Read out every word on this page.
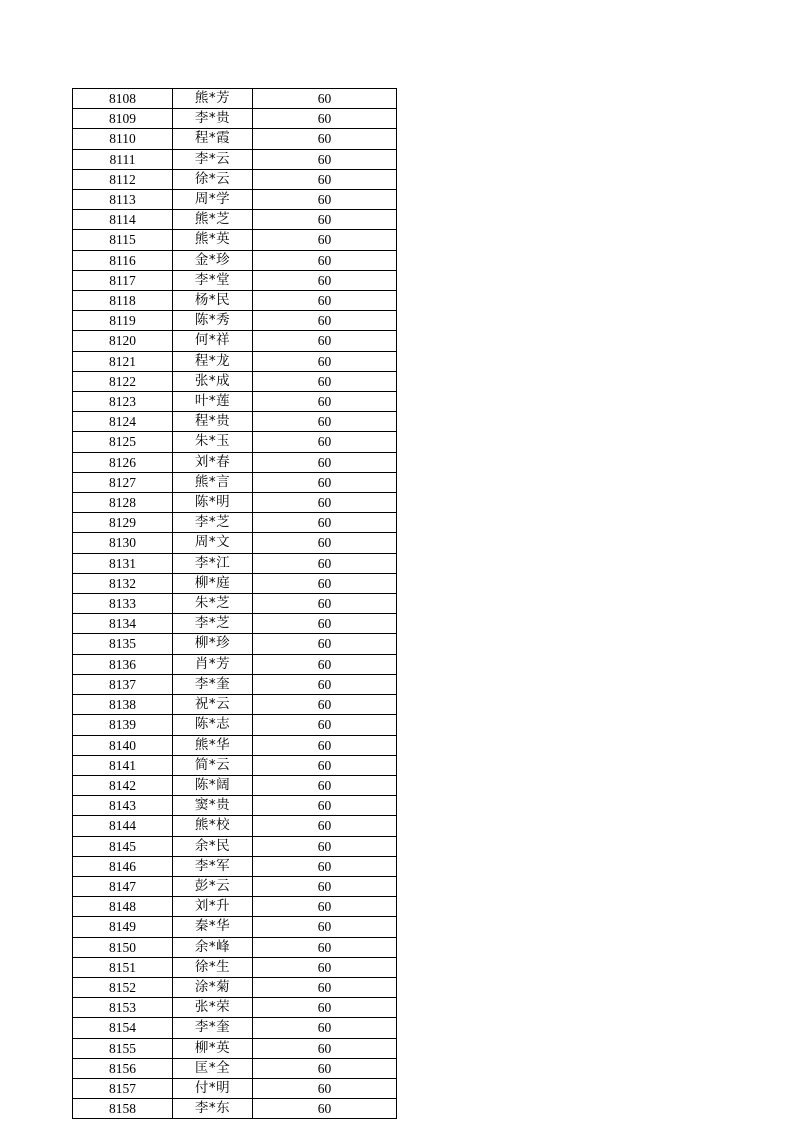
8108	熊*芳	60
8109	李*贵	60
8110	程*霞	60
8111	李*云	60
8112	徐*云	60
8113	周*学	60
8114	熊*芝	60
8115	熊*英	60
8116	金*珍	60
8117	李*堂	60
8118	杨*民	60
8119	陈*秀	60
8120	何*祥	60
8121	程*龙	60
8122	张*成	60
8123	叶*莲	60
8124	程*贵	60
8125	朱*玉	60
8126	刘*春	60
8127	熊*言	60
8128	陈*明	60
8129	李*芝	60
8130	周*文	60
8131	李*江	60
8132	柳*庭	60
8133	朱*芝	60
8134	李*芝	60
8135	柳*珍	60
8136	肖*芳	60
8137	李*奎	60
8138	祝*云	60
8139	陈*志	60
8140	熊*华	60
8141	简*云	60
8142	陈*阔	60
8143	窦*贵	60
8144	熊*校	60
8145	余*民	60
8146	李*军	60
8147	彭*云	60
8148	刘*升	60
8149	秦*华	60
8150	余*峰	60
8151	徐*生	60
8152	涂*菊	60
8153	张*荣	60
8154	李*奎	60
8155	柳*英	60
8156	匡*全	60
8157	付*明	60
8158	李*东	60
